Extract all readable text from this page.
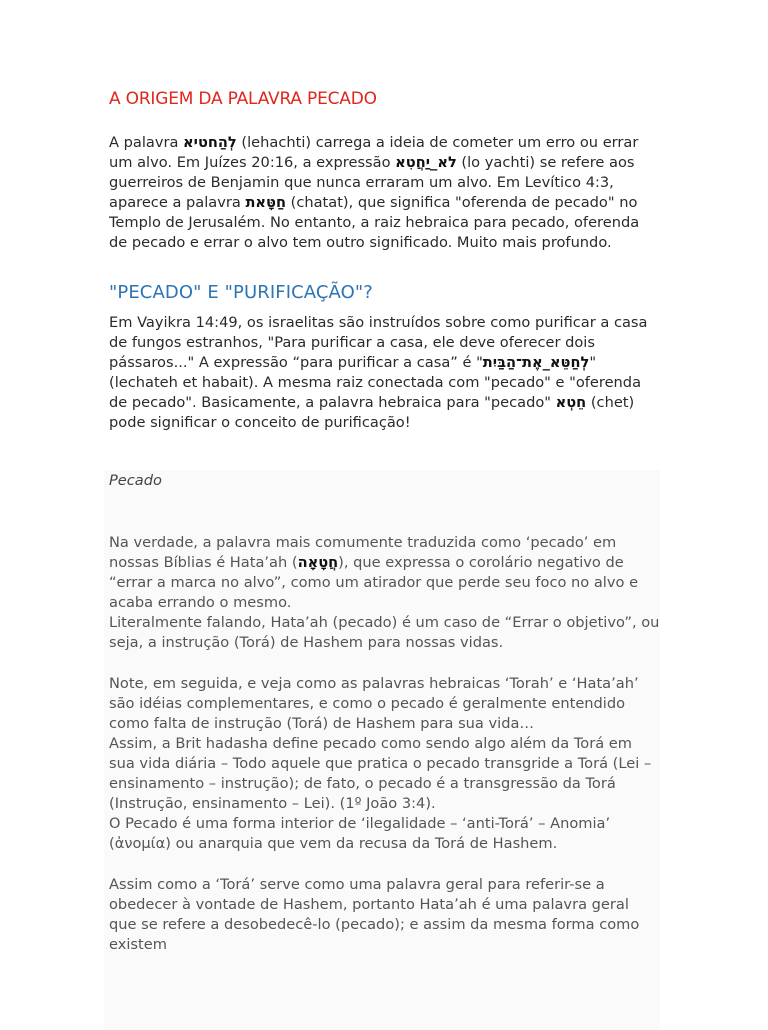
A ORIGEM DA PALAVRA PECADO

A palavra לְהַחטיא (lehachti) carrega a ideia de cometer um erro ou errar um alvo. Em Juízes 20:16, a expressão לא_יַחֲטִא (lo yachti) se refere aos guerreiros de Benjamin que nunca erraram um alvo. Em Levítico 4:3, aparece a palavra חַטָּאת (chatat), que significa "oferenda de pecado" no Templo de Jerusalém. No entanto, a raiz hebraica para pecado, oferenda de pecado e errar o alvo tem outro significado. Muito mais profundo.

"PECADO" E "PURIFICAÇÃO"?

Em Vayikra 14:49, os israelitas são instruídos sobre como purificar a casa de fungos estranhos, "Para purificar a casa, ele deve oferecer dois pássaros..." A expressão “para purificar a casa” é "לְחַטֵּא_אֶת־הַבַּיִת" (lechateh et habait). A mesma raiz conectada com "pecado" e "oferenda de pecado". Basicamente, a palavra hebraica para "pecado" חֵטְא (chet) pode significar o conceito de purificação!

Pecado

Na verdade, a palavra mais comumente traduzida como ‘pecado’ em nossas Bíblias é Hata’ah (חֲטָאָה), que expressa o corolário negativo de “errar a marca no alvo”, como um atirador que perde seu foco no alvo e acaba errando o mesmo.
Literalmente falando, Hata’ah (pecado) é um caso de “Errar o objetivo”, ou seja, a instrução (Torá) de Hashem para nossas vidas.

Note, em seguida, e veja como as palavras hebraicas ‘Torah’ e ‘Hata’ah’ são idéias complementares, e como o pecado é geralmente entendido como falta de instrução (Torá) de Hashem para sua vida…
Assim, a Brit hadasha define pecado como sendo algo além da Torá em sua vida diária – Todo aquele que pratica o pecado transgride a Torá (Lei – ensinamento – instrução); de fato, o pecado é a transgressão da Torá (Instrução, ensinamento – Lei). (1º João 3:4).
O Pecado é uma forma interior de ‘ilegalidade – ‘anti-Torá’ – Anomia’ (ἀνομία) ou anarquia que vem da recusa da Torá de Hashem.

Assim como a ‘Torá’ serve como uma palavra geral para referir-se a obedecer à vontade de Hashem, portanto Hata’ah é uma palavra geral que se refere a desobedecê-lo (pecado); e assim da mesma forma como existem
